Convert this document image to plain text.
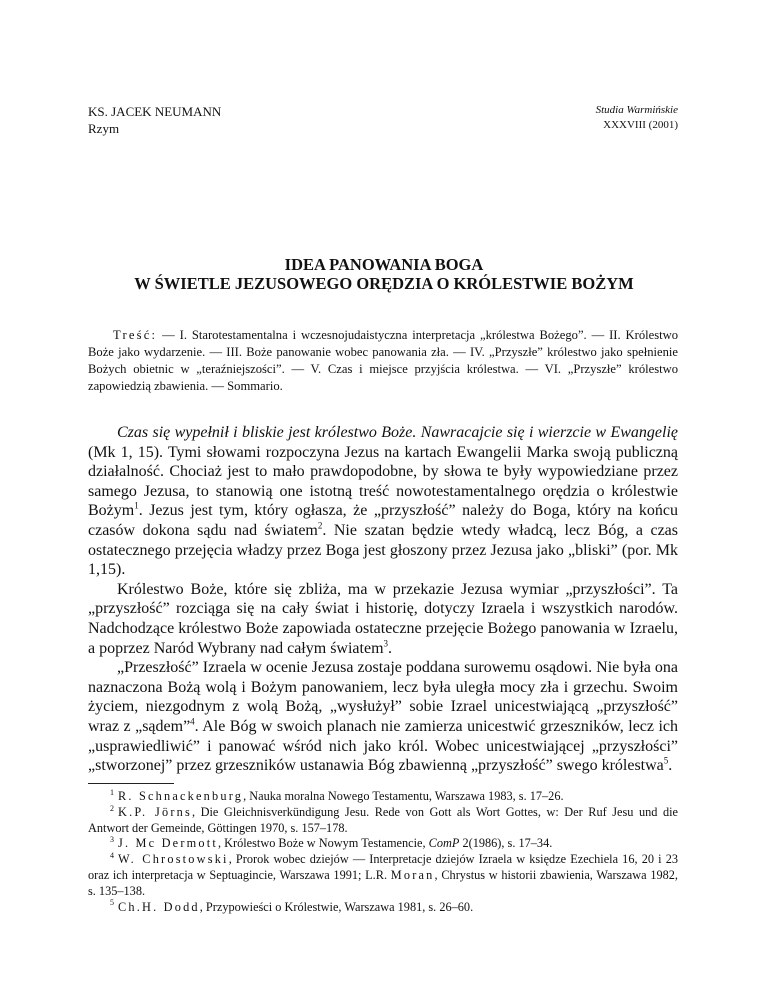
KS. JACEK NEUMANN
Rzym
Studia Warmińskie
XXXVIII (2001)
IDEA PANOWANIA BOGA
W ŚWIETLE JEZUSOWEGO ORĘDZIA O KRÓLESTWIE BOŻYM
Treść: — I. Starotestamentalna i wczesnojudaistyczna interpretacja „królestwa Bożego”. — II. Królestwo Boże jako wydarzenie. — III. Boże panowanie wobec panowania zła. — IV. „Przyszłe” królestwo jako spełnienie Bożych obietnic w „teraźniejszości”. — V. Czas i miejsce przyjścia królestwa. — VI. „Przyszłe” królestwo zapowiedzią zbawienia. — Sommario.

Czas się wypełnił i bliskie jest królestwo Boże. Nawracajcie się i wierzcie w Ewangelię (Mk 1, 15). Tymi słowami rozpoczyna Jezus na kartach Ewangelii Marka swoją publiczną działalność. Chociaż jest to mało prawdopodobne, by słowa te były wypowiedziane przez samego Jezusa, to stanowią one istotną treść nowotestamentalnego orędzia o królestwie Bożym$^1$. Jezus jest tym, który ogłasza, że „przyszłość” należy do Boga, który na końcu czasów dokona sądu nad światem$^2$. Nie szatan będzie wtedy władcą, lecz Bóg, a czas ostatecznego przejęcia władzy przez Boga jest głoszony przez Jezusa jako „bliski” (por. Mk 1,15).

Królestwo Boże, które się zbliża, ma w przekazie Jezusa wymiar „przyszłości”. Ta „przyszłość” rozciąga się na cały świat i historię, dotyczy Izraela i wszystkich narodów. Nadchodzące królestwo Boże zapowiada ostateczne przejęcie Bożego panowania w Izraelu, a poprzez Naród Wybrany nad całym światem$^3$.

„Przeszłość” Izraela w ocenie Jezusa zostaje poddana surowemu osądowi. Nie była ona naznaczona Bożą wolą i Bożym panowaniem, lecz była uległa mocy zła i grzechu. Swoim życiem, niezgodnym z wolą Bożą, „wysłużył” sobie Izrael unicestwiającą „przyszłość” wraz z „sądem”$^4$. Ale Bóg w swoich planach nie zamierza unicestwić grzeszników, lecz ich „usprawiedliwić” i panować wśród nich jako król. Wobec unicestwiającej „przyszłości” „stworzonej” przez grzeszników ustanawia Bóg zbawienną „przyszłość” swego królestwa$^5$.

$^1$ R. Schnackenburg, Nauka moralna Nowego Testamentu, Warszawa 1983, s. 17–26.

$^2$ K.P. Jörns, Die Gleichnisverkündigung Jesu. Rede von Gott als Wort Gottes, w: Der Ruf Jesu und die Antwort der Gemeinde, Göttingen 1970, s. 157–178.

$^3$ J. Mc Dermott, Królestwo Boże w Nowym Testamencie, ComP 2(1986), s. 17–34.

$^4$ W. Chrostowski, Prorok wobec dziejów — Interpretacje dziejów Izraela w księdze Ezechiela 16, 20 i 23 oraz ich interpretacja w Septuagincie, Warszawa 1991; L.R. Moran, Chrystus w historii zbawienia, Warszawa 1982, s. 135–138.

$^5$ Ch.H. Dodd, Przypowieści o Królestwie, Warszawa 1981, s. 26–60.
